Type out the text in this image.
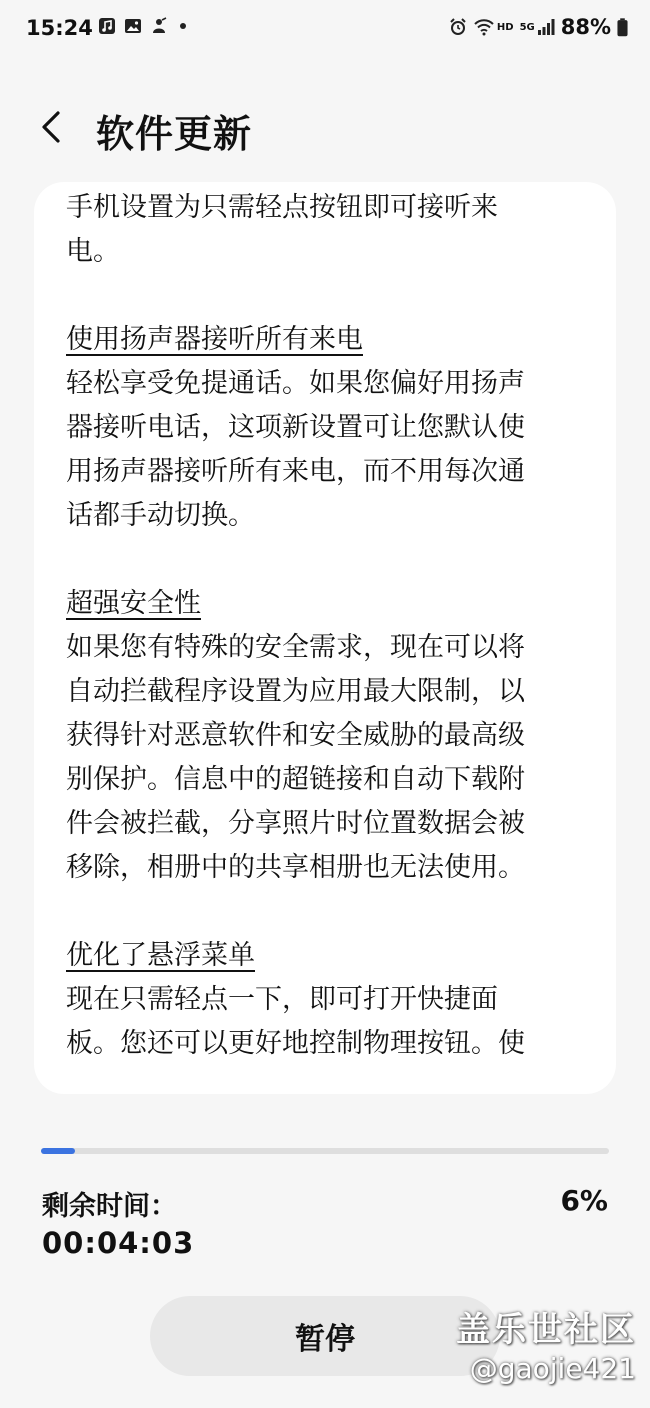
15:24	HD 5G 88%
软件更新

手机设置为只需轻点按钮即可接听来

电。

使用扬声器接听所有来电

轻松享受免提通话。如果您偏好用扬声

器接听电话，这项新设置可让您默认使

用扬声器接听所有来电，而不用每次通

话都手动切换。

超强安全性

如果您有特殊的安全需求，现在可以将

自动拦截程序设置为应用最大限制，以

获得针对恶意软件和安全威胁的最高级

别保护。信息中的超链接和自动下载附

件会被拦截，分享照片时位置数据会被

移除，相册中的共享相册也无法使用。

优化了悬浮菜单

现在只需轻点一下，即可打开快捷面

板。您还可以更好地控制物理按钮。使

剩余时间：
00:04:03
6%
暂停	盖乐世社区
@gaojie421
